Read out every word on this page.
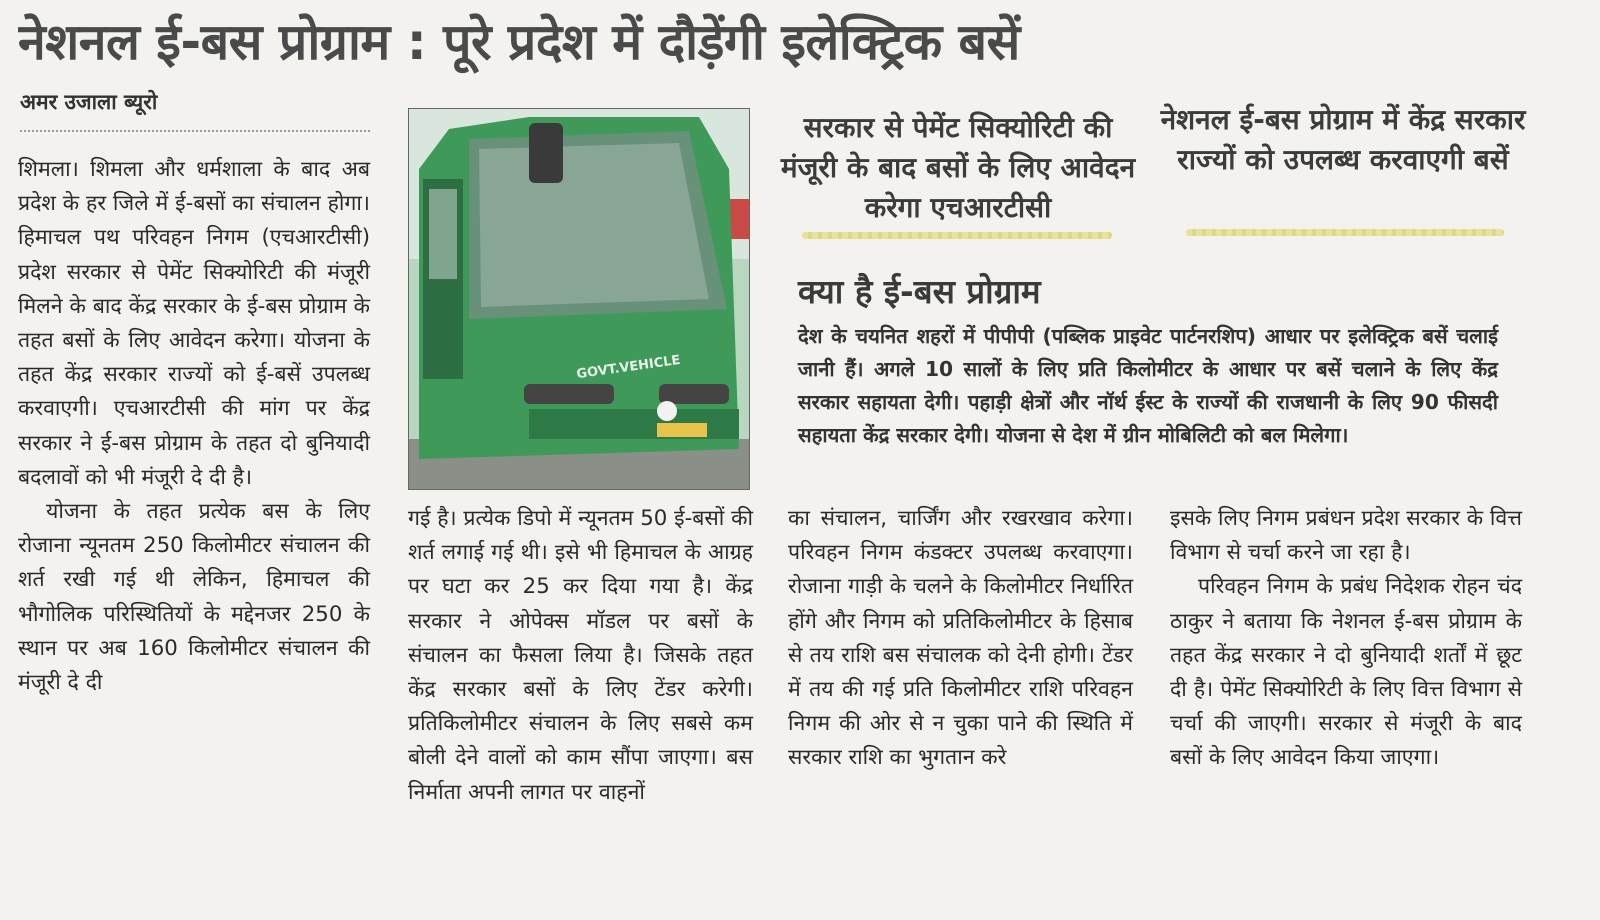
नेशनल ई-बस प्रोग्राम : पूरे प्रदेश में दौड़ेंगी इलेक्ट्रिक बसें
अमर उजाला ब्यूरो

शिमला। शिमला और धर्मशाला के बाद अब प्रदेश के हर जिले में ई-बसों का संचालन होगा। हिमाचल पथ परिवहन निगम (एचआरटीसी) प्रदेश सरकार से पेमेंट सिक्योरिटी की मंजूरी मिलने के बाद केंद्र सरकार के ई-बस प्रोग्राम के तहत बसों के लिए आवेदन करेगा। योजना के तहत केंद्र सरकार राज्यों को ई-बसें उपलब्ध करवाएगी। एचआरटीसी की मांग पर केंद्र सरकार ने ई-बस प्रोग्राम के तहत दो बुनियादी बदलावों को भी मंजूरी दे दी है।

योजना के तहत प्रत्येक बस के लिए रोजाना न्यूनतम 250 किलोमीटर संचालन की शर्त रखी गई थी लेकिन, हिमाचल की भौगोलिक परिस्थितियों के मद्देनजर 250 के स्थान पर अब 160 किलोमीटर संचालन की मंजूरी दे दी

GOVT.VEHICLE
सरकार से पेमेंट सिक्योरिटी की मंजूरी के बाद बसों के लिए आवेदन करेगा एचआरटीसी
नेशनल ई-बस प्रोग्राम में केंद्र सरकार राज्यों को उपलब्ध करवाएगी बसें
क्या है ई-बस प्रोग्राम

देश के चयनित शहरों में पीपीपी (पब्लिक प्राइवेट पार्टनरशिप) आधार पर इलेक्ट्रिक बसें चलाई जानी हैं। अगले 10 सालों के लिए प्रति किलोमीटर के आधार पर बसें चलाने के लिए केंद्र सरकार सहायता देगी। पहाड़ी क्षेत्रों और नॉर्थ ईस्ट के राज्यों की राजधानी के लिए 90 फीसदी सहायता केंद्र सरकार देगी। योजना से देश में ग्रीन मोबिलिटी को बल मिलेगा।

गई है। प्रत्येक डिपो में न्यूनतम 50 ई-बसों की शर्त लगाई गई थी। इसे भी हिमाचल के आग्रह पर घटा कर 25 कर दिया गया है। केंद्र सरकार ने ओपेक्स मॉडल पर बसों के संचालन का फैसला लिया है। जिसके तहत केंद्र सरकार बसों के लिए टेंडर करेगी। प्रतिकिलोमीटर संचालन के लिए सबसे कम बोली देने वालों को काम सौंपा जाएगा। बस निर्माता अपनी लागत पर वाहनों

का संचालन, चार्जिंग और रखरखाव करेगा। परिवहन निगम कंडक्टर उपलब्ध करवाएगा। रोजाना गाड़ी के चलने के किलोमीटर निर्धारित होंगे और निगम को प्रतिकिलोमीटर के हिसाब से तय राशि बस संचालक को देनी होगी। टेंडर में तय की गई प्रति किलोमीटर राशि परिवहन निगम की ओर से न चुका पाने की स्थिति में सरकार राशि का भुगतान करे

इसके लिए निगम प्रबंधन प्रदेश सरकार के वित्त विभाग से चर्चा करने जा रहा है।

परिवहन निगम के प्रबंध निदेशक रोहन चंद ठाकुर ने बताया कि नेशनल ई-बस प्रोग्राम के तहत केंद्र सरकार ने दो बुनियादी शर्तों में छूट दी है। पेमेंट सिक्योरिटी के लिए वित्त विभाग से चर्चा की जाएगी। सरकार से मंजूरी के बाद बसों के लिए आवेदन किया जाएगा।
